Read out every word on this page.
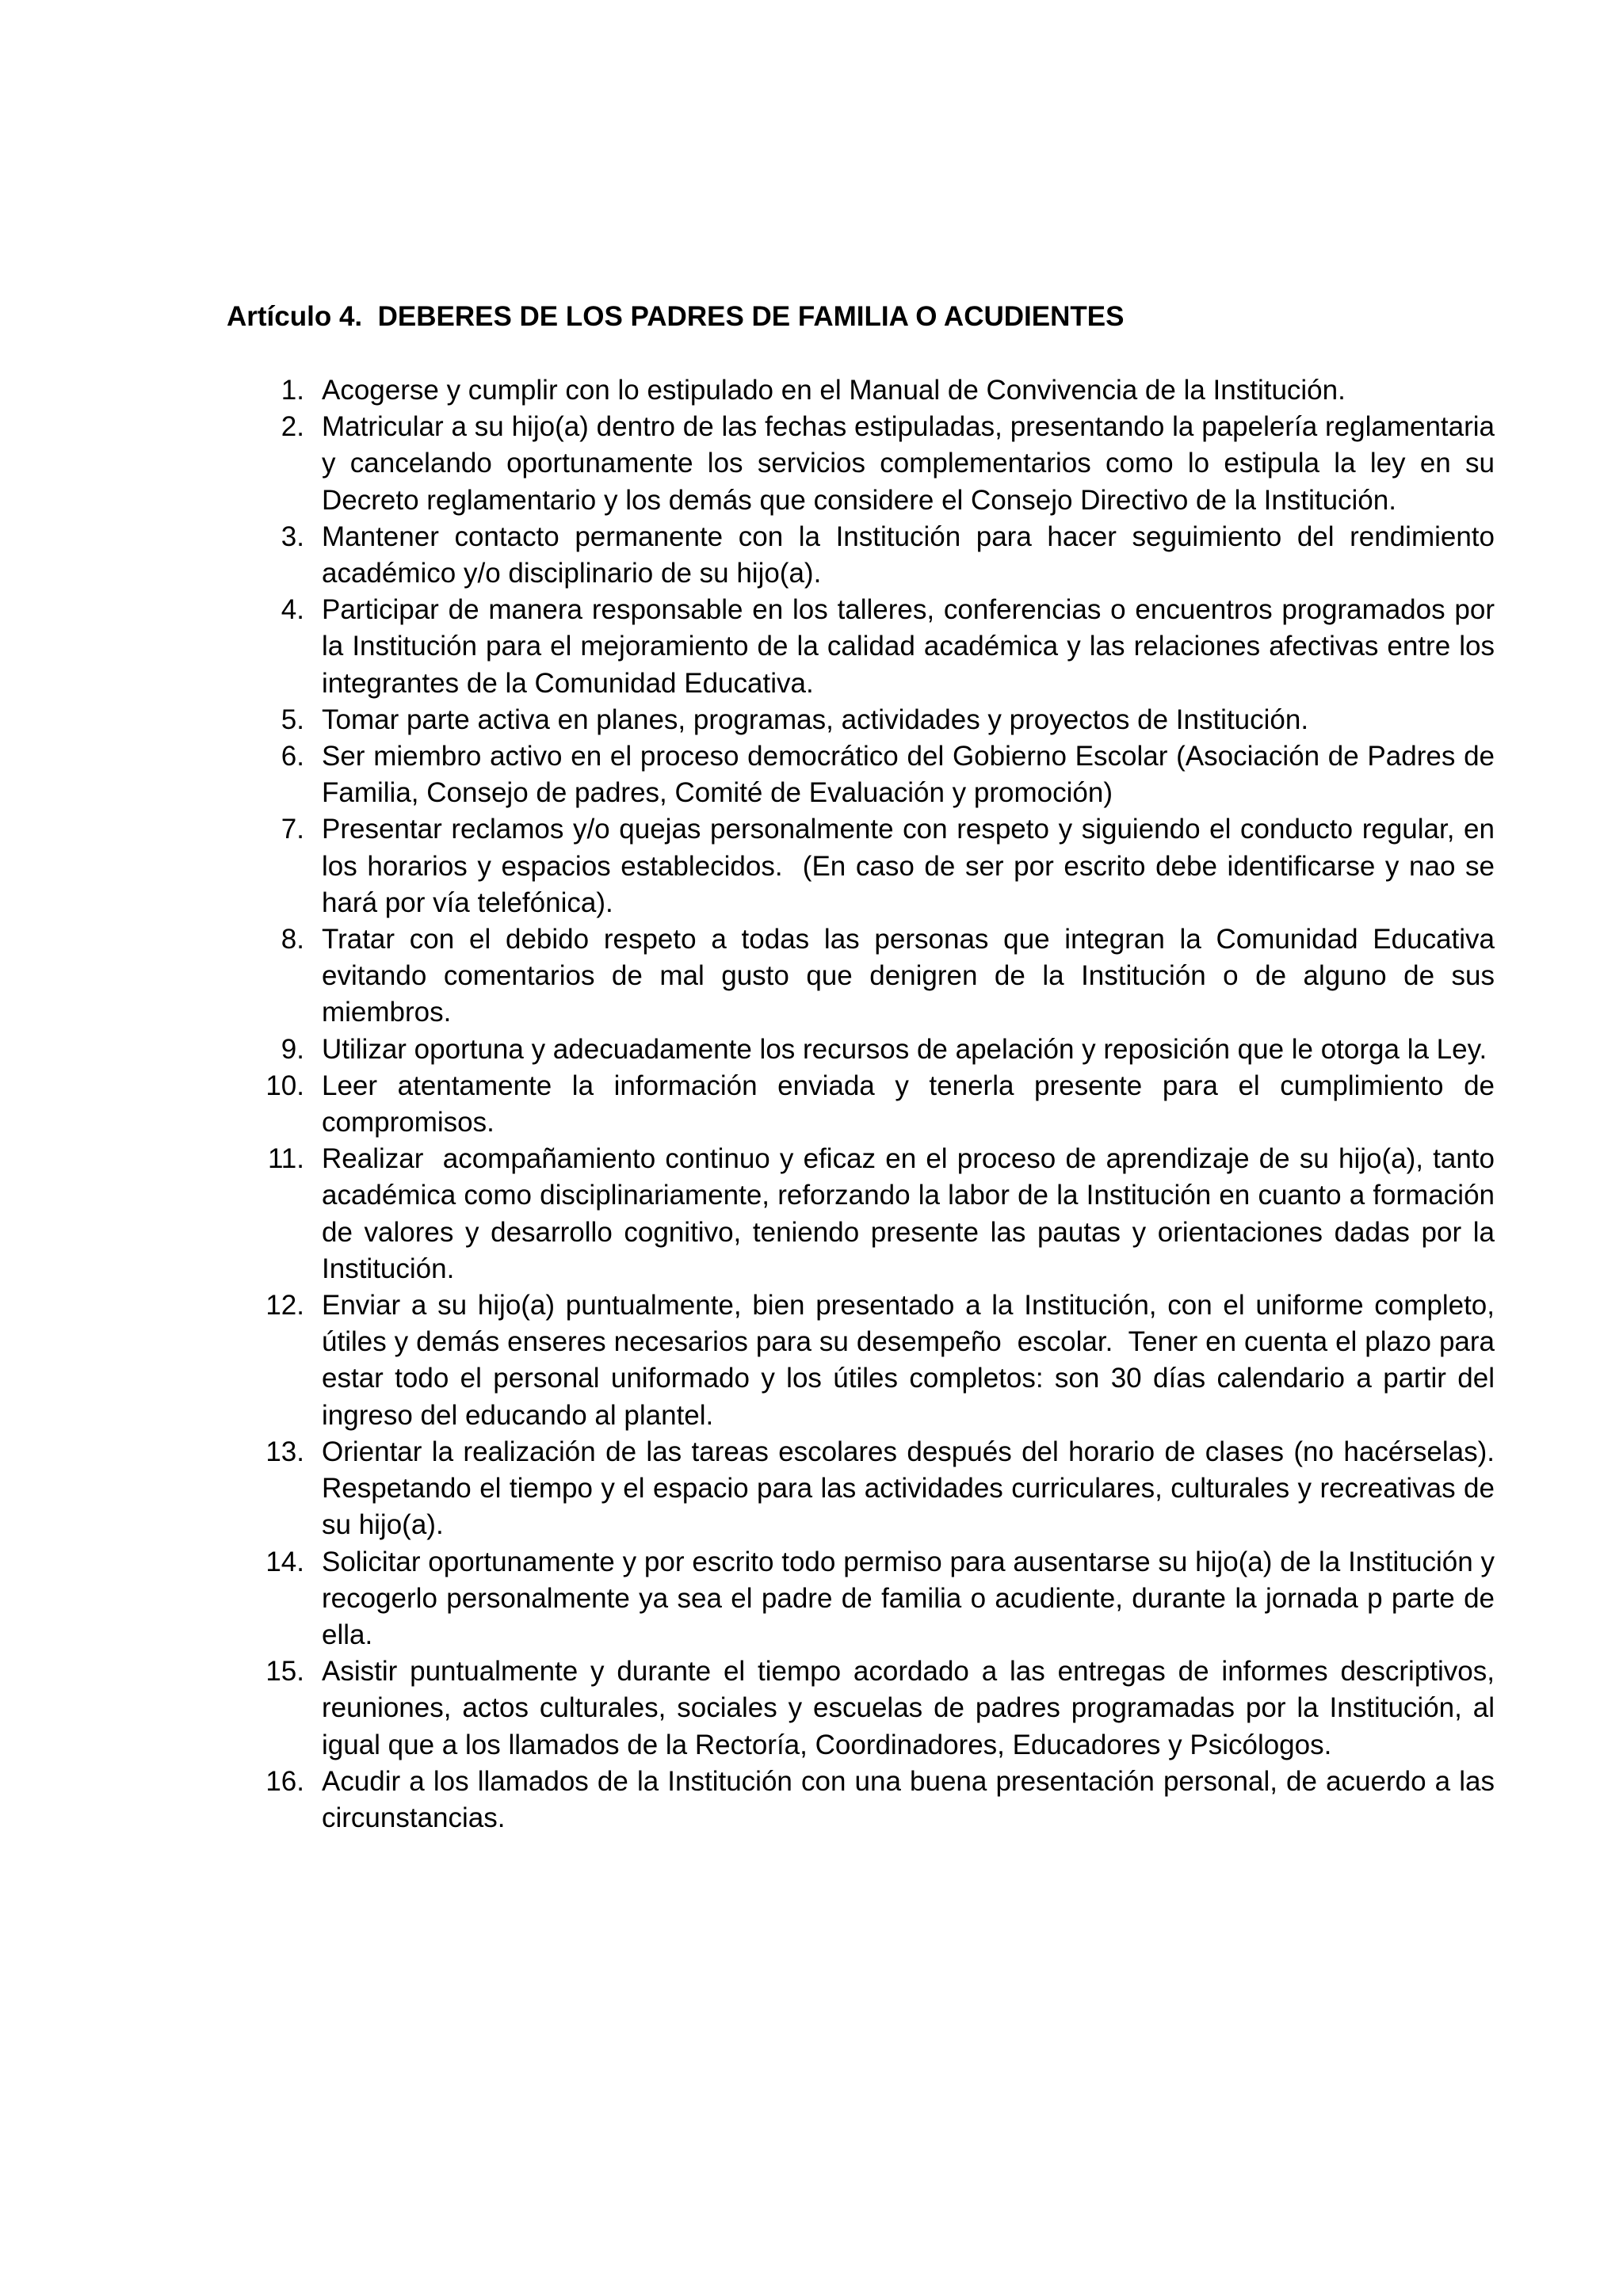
Artículo 4.  DEBERES DE LOS PADRES DE FAMILIA O ACUDIENTES
1. Acogerse y cumplir con lo estipulado en el Manual de Convivencia de la Institución.
2. Matricular a su hijo(a) dentro de las fechas estipuladas, presentando la papelería reglamentaria y cancelando oportunamente los servicios complementarios como lo estipula la ley en su Decreto reglamentario y los demás que considere el Consejo Directivo de la Institución.
3. Mantener contacto permanente con la Institución para hacer seguimiento del rendimiento académico y/o disciplinario de su hijo(a).
4. Participar de manera responsable en los talleres, conferencias o encuentros programados por la Institución para el mejoramiento de la calidad académica y las relaciones afectivas entre los integrantes de la Comunidad Educativa.
5. Tomar parte activa en planes, programas, actividades y proyectos de Institución.
6. Ser miembro activo en el proceso democrático del Gobierno Escolar (Asociación de Padres de Familia, Consejo de padres, Comité de Evaluación y promoción)
7. Presentar reclamos y/o quejas personalmente con respeto y siguiendo el conducto regular, en los horarios y espacios establecidos.  (En caso de ser por escrito debe identificarse y nao se hará por vía telefónica).
8. Tratar con el debido respeto a todas las personas que integran la Comunidad Educativa evitando comentarios de mal gusto que denigren de la Institución o de alguno de sus miembros.
9. Utilizar oportuna y adecuadamente los recursos de apelación y reposición que le otorga la Ley.
10. Leer atentamente la información enviada y tenerla presente para el cumplimiento de compromisos.
11. Realizar  acompañamiento continuo y eficaz en el proceso de aprendizaje de su hijo(a), tanto académica como disciplinariamente, reforzando la labor de la Institución en cuanto a formación de valores y desarrollo cognitivo, teniendo presente las pautas y orientaciones dadas por la Institución.
12. Enviar a su hijo(a) puntualmente, bien presentado a la Institución, con el uniforme completo, útiles y demás enseres necesarios para su desempeño  escolar.  Tener en cuenta el plazo para estar todo el personal uniformado y los útiles completos: son 30 días calendario a partir del ingreso del educando al plantel.
13. Orientar la realización de las tareas escolares después del horario de clases (no hacérselas).  Respetando el tiempo y el espacio para las actividades curriculares, culturales y recreativas de su hijo(a).
14. Solicitar oportunamente y por escrito todo permiso para ausentarse su hijo(a) de la Institución y recogerlo personalmente ya sea el padre de familia o acudiente, durante la jornada p parte de ella.
15. Asistir puntualmente y durante el tiempo acordado a las entregas de informes descriptivos, reuniones, actos culturales, sociales y escuelas de padres programadas por la Institución, al igual que a los llamados de la Rectoría, Coordinadores, Educadores y Psicólogos.
16. Acudir a los llamados de la Institución con una buena presentación personal, de acuerdo a las circunstancias.
